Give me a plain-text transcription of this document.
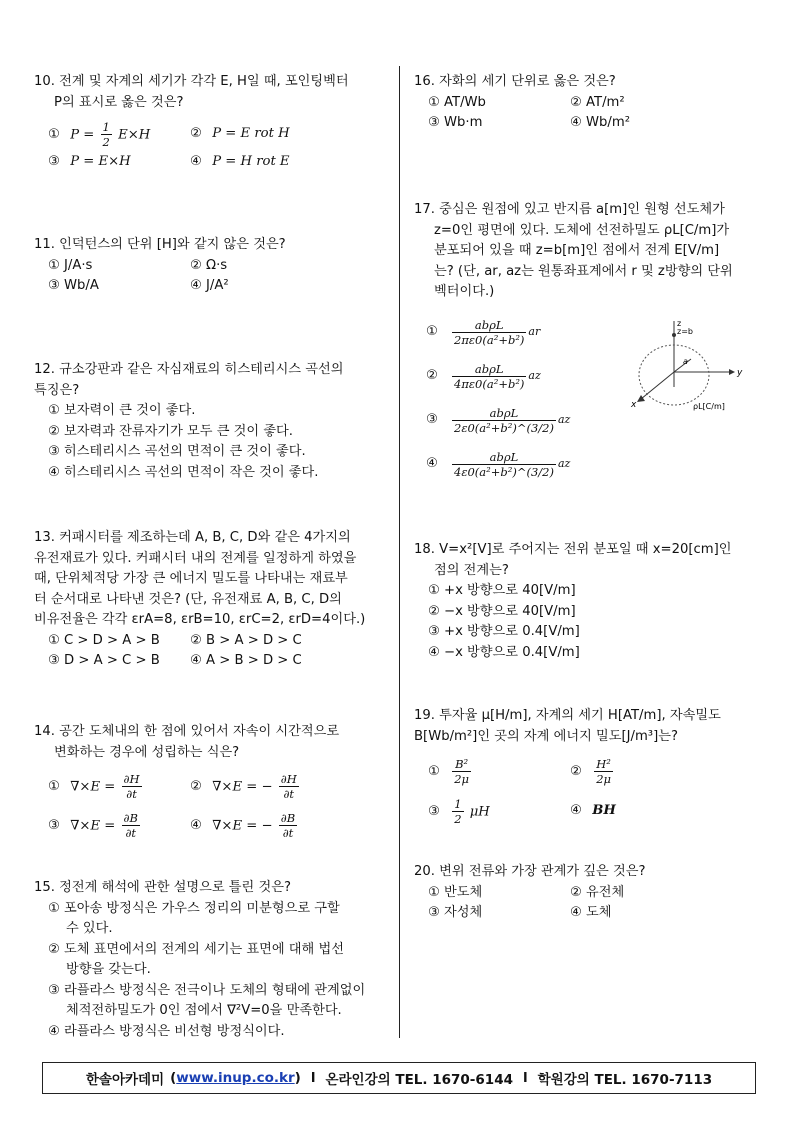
10. 전계 및 자계의 세기가 각각 E, H일 때, 포인팅벡터
P의 표시로 옳은 것은?
① $P = \frac{1}{2} E\times H$	② P = E rot H
③ P = E×H	④ P = H rot E
11. 인덕턴스의 단위 [H]와 같지 않은 것은?
① J/A·s	② Ω·s
③ Wb/A	④ J/A²
12. 규소강판과 같은 자심재료의 히스테리시스 곡선의
특징은?
① 보자력이 큰 것이 좋다.
② 보자력과 잔류자기가 모두 큰 것이 좋다.
③ 히스테리시스 곡선의 면적이 큰 것이 좋다.
④ 히스테리시스 곡선의 면적이 작은 것이 좋다.
13. 커패시터를 제조하는데 A, B, C, D와 같은 4가지의
유전재료가 있다. 커패시터 내의 전계를 일정하게 하였을
때, 단위체적당 가장 큰 에너지 밀도를 나타내는 재료부
터 순서대로 나타낸 것은? (단, 유전재료 A, B, C, D의
비유전율은 각각 εrA=8, εrB=10, εrC=2, εrD=4이다.)
① C > D > A > B	② B > A > D > C
③ D > A > C > B	④ A > B > D > C
14. 공간 도체내의 한 점에 있어서 자속이 시간적으로
변화하는 경우에 성립하는 식은?
① $\nabla\times E = \frac{\partial H}{\partial t}$	② ∇×E = − $\frac{\partial H}{\partial t}$
③ $\nabla\times E = \frac{\partial B}{\partial t}$	④ ∇×E = − $\frac{\partial B}{\partial t}$
15. 정전계 해석에 관한 설명으로 틀린 것은?
① 포아송 방정식은 가우스 정리의 미분형으로 구할
수 있다.
② 도체 표면에서의 전계의 세기는 표면에 대해 법선
방향을 갖는다.
③ 라플라스 방정식은 전극이나 도체의 형태에 관계없이
체적전하밀도가 0인 점에서 ∇²V=0을 만족한다.
④ 라플라스 방정식은 비선형 방정식이다.
16. 자화의 세기 단위로 옳은 것은?
① AT/Wb	② AT/m²
③ Wb·m	④ Wb/m²
17. 중심은 원점에 있고 반지름 a[m]인 원형 선도체가
z=0인 평면에 있다. 도체에 선전하밀도 ρL[C/m]가
분포되어 있을 때 z=b[m]인 점에서 전계 E[V/m]
는? (단, ar, az는 원통좌표계에서 r 및 z방향의 단위
벡터이다.)
①	$\frac{\text{abρL}}{\text{2πε0(a²+b²)}}$ ar
②	$\frac{\text{abρL}}{\text{4πε0(a²+b²)}}$ az
③	$\frac{\text{abρL}}{\text{2ε0(a²+b²)\textasciicircum{}(3/2)}}$ az
④	$\frac{\text{abρL}}{\text{4ε0(a²+b²)\textasciicircum{}(3/2)}}$ az
z=b
z
a
y
x	ρL[C/m]
18. V=x²[V]로 주어지는 전위 분포일 때 x=20[cm]인
점의 전계는?
① +x 방향으로 40[V/m]
② −x 방향으로 40[V/m]
③ +x 방향으로 0.4[V/m]
④ −x 방향으로 0.4[V/m]
19. 투자율 μ[H/m], 자계의 세기 H[AT/m], 자속밀도
B[Wb/m²]인 곳의 자계 에너지 밀도[J/m³]는?
① $\frac{\text{B²}}{2\mu}$	② $\frac{\text{H²}}{2\mu}$
③ $\frac{1}{2}$ μH	④ BH
20. 변위 전류와 가장 관계가 깊은 것은?
① 반도체	② 유전체
③ 자성체	④ 도체
한솔아카데미 ( www.inup.co.kr ) l 온라인강의 TEL. 1670-6144 l 학원강의 TEL. 1670-7113
